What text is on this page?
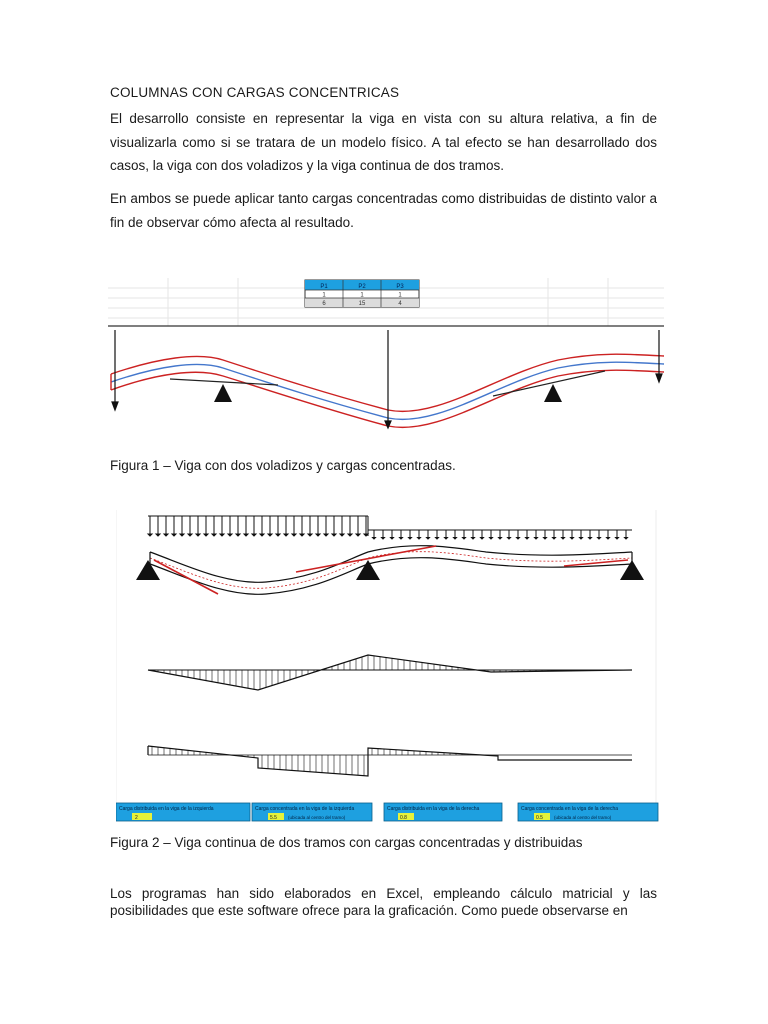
COLUMNAS CON CARGAS CONCENTRICAS

El desarrollo consiste en representar la viga en vista con su altura relativa, a fin de visualizarla como si se tratara de un modelo físico. A tal efecto se han desarrollado dos casos, la viga con dos voladizos y la viga continua de dos tramos.

En ambos se puede aplicar tanto cargas concentradas como distribuidas de distinto valor a fin de observar cómo afecta al resultado.

P1	P2	P3
1	1	1
6	15	4
Figura 1 – Viga con dos voladizos y cargas concentradas.
Carga distribuida en la viga de la izquierda
2
Carga concentrada en la viga de la izquierda
5.5 (ubicada al centro del tramo)
Carga distribuida en la viga de la derecha
0.8
Carga concentrada en la viga de la derecha
0.5 (ubicada al centro del tramo)
Figura 2 – Viga continua de dos tramos con cargas concentradas y distribuidas

Los programas han sido elaborados en Excel, empleando cálculo matricial y las posibilidades que este software ofrece para la graficación. Como puede observarse en
